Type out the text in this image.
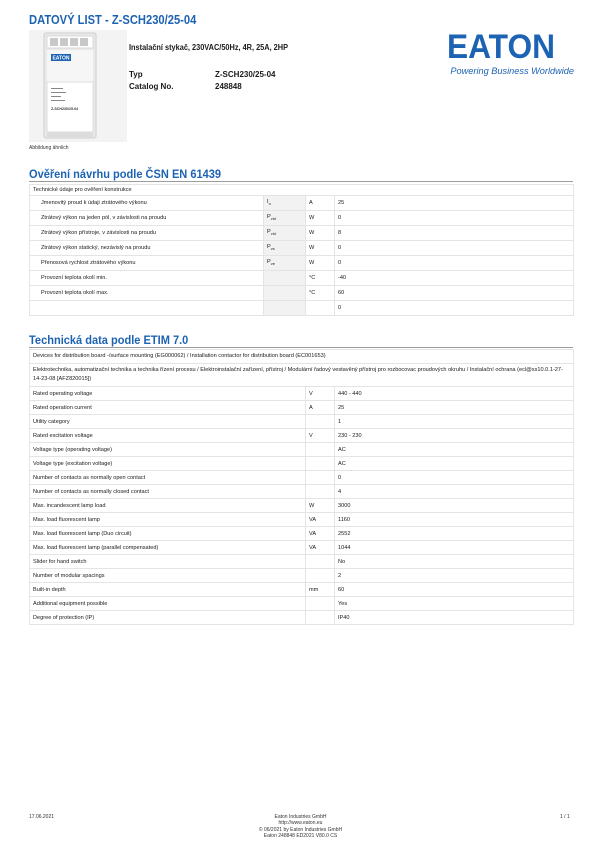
DATOVÝ LIST - Z-SCH230/25-04
EATON
Z-SCH230/25-04
Abbildung ähnlich
Instalační stykač, 230VAC/50Hz, 4R, 25A, 2HP
Typ	Z-SCH230/25-04
Catalog No.	248848
EATON
Powering Business Worldwide
Ověření návrhu podle ČSN EN 61439
Technické údaje pro ověření konstrukce			
Jmenovitý proud k údaji ztrátového výkonu	$I_n$	A	25
Ztrátový výkon na jeden pól, v závislosti na proudu	$P_{vid}$	W	0
Ztrátový výkon přístroje, v závislosti na proudu	$P_{vid}$	W	8
Ztrátový výkon statický, nezávislý na proudu	$P_{vs}$	W	0
Přenosová rychlost ztrátového výkonu	$P_{ve}$	W	0
Provozní teplota okolí min.		°C	-40
Provozní teplota okolí max.		°C	60
			0
Technická data podle ETIM 7.0
Devices for distribution board -/surface mounting (EG000062) / Installation contactor for distribution board (EC001653)		
Elektrotechnika, automatizační technika a technika řízení procesu / Elektroinstalační zařízení, přístroj / Modulární řadový vestavěný přístroj pro rozbocovac proudových okruhu / Instalační ochrana (ecl@ss10.0.1-27-14-23-08 [AFZ820015])		
Rated operating voltage	V	440 - 440
Rated operation current	A	25
Utility category		1
Rated excitation voltage	V	230 - 230
Voltage type (operating voltage)		AC
Voltage type (excitation voltage)		AC
Number of contacts as normally open contact		0
Number of contacts as normally closed contact		4
Max. incandescent lamp load	W	3000
Max. load fluorescent lamp	VA	1160
Max. load fluorescent lamp (Duo circuit)	VA	2552
Max. load fluorescent lamp (parallel compensated)	VA	1044
Slider for hand switch		No
Number of modular spacings		2
Built-in depth	mm	60
Additional equipment possible		Yes
Degree of protection (IP)		IP40
17.06.2021	Eaton Industries GmbH
http://www.eaton.eu
© 06/2021 by Eaton Industries GmbH
Eaton 248848 ED2021 V80.0 CS
1 / 1
